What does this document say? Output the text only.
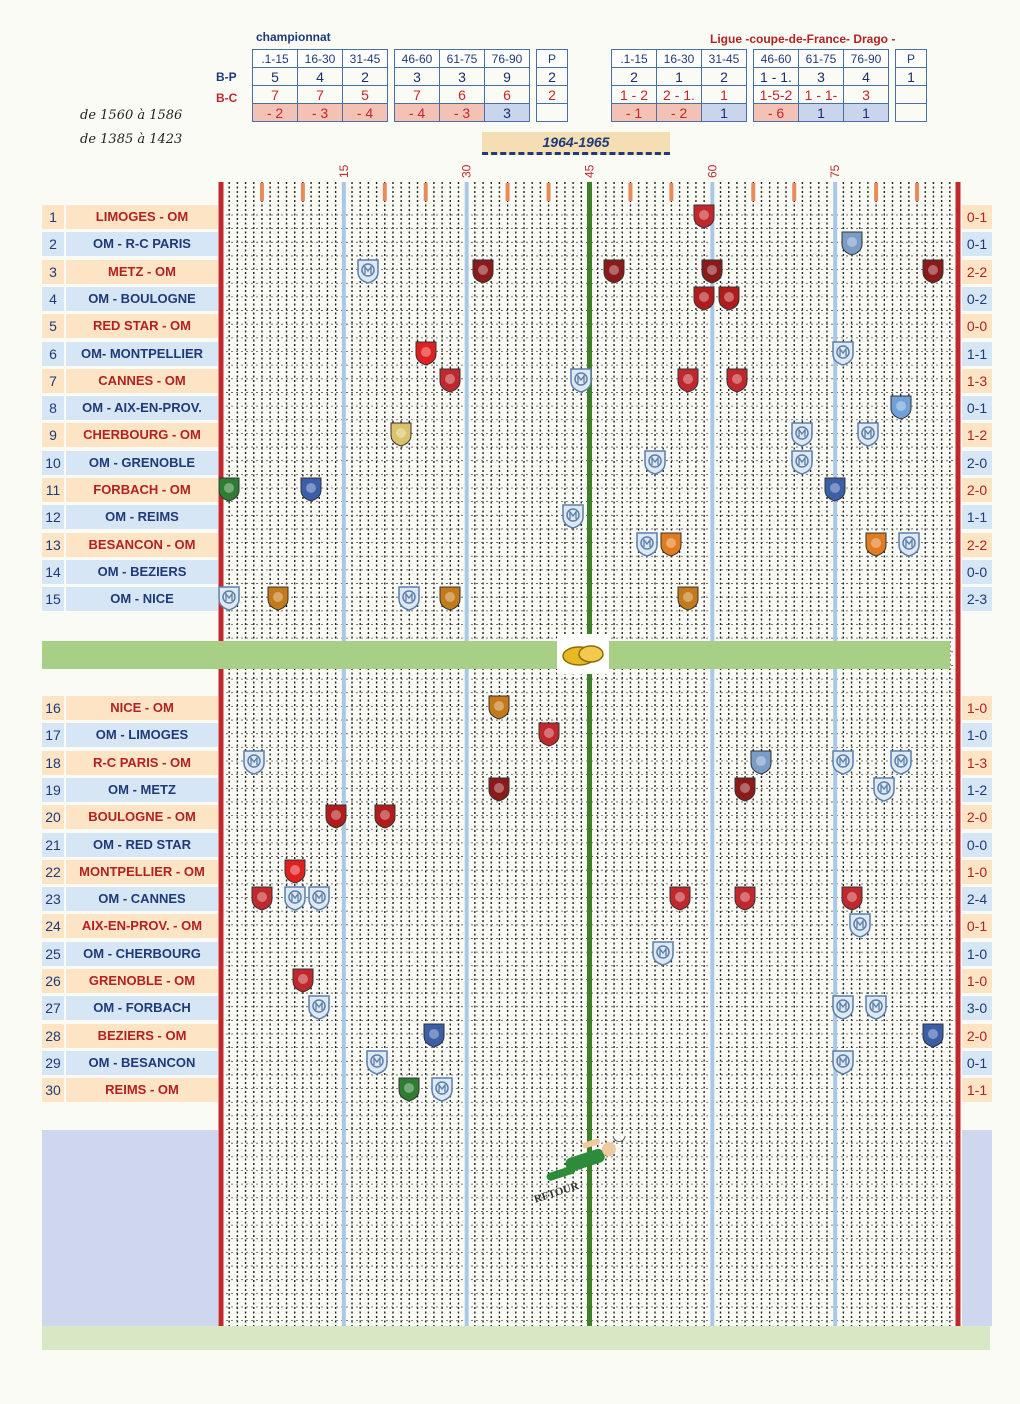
championnat	Ligue -coupe-de-France- Drago -
de 1560 à 1586
de 1385 à 1423
B-P
B-C
1964-1965
.1-15	16-30	31-45		46-60	61-75	76-90		P
5	4	2		3	3	9		2
7	7	5		7	6	6		2
- 2	- 3	- 4		- 4	- 3	3		
.1-15	16-30	31-45		46-60	61-75	76-90		P
2	1	2		1 - 1.	3	4		1
1 - 2	2 - 1.	1		1-5-2	1 - 1-	3		
- 1	- 2	1		- 6	1	1		
15	30	45	60	75
1	LIMOGES - OM	0-1
2	OM - R-C PARIS	0-1
3	METZ - OM	2-2
4	OM - BOULOGNE	0-2
5	RED STAR - OM	0-0
6	OM- MONTPELLIER	1-1
7	CANNES - OM	1-3
8	OM - AIX-EN-PROV.	0-1
9	CHERBOURG - OM	1-2
10	OM - GRENOBLE	2-0
11	FORBACH - OM	2-0
12	OM - REIMS	1-1
13	BESANCON - OM	2-2
14	OM - BEZIERS	0-0
15	OM - NICE	2-3
16	NICE - OM	1-0
17	OM - LIMOGES	1-0
18	R-C PARIS - OM	1-3
19	OM - METZ	1-2
20	BOULOGNE - OM	2-0
21	OM - RED STAR	0-0
22	MONTPELLIER - OM	1-0
23	OM - CANNES	2-4
24	AIX-EN-PROV. - OM	0-1
25	OM - CHERBOURG	1-0
26	GRENOBLE - OM	1-0
27	OM - FORBACH	3-0
28	BEZIERS - OM	2-0
29	OM - BESANCON	0-1
30	REIMS - OM	1-1
RFTOUR
